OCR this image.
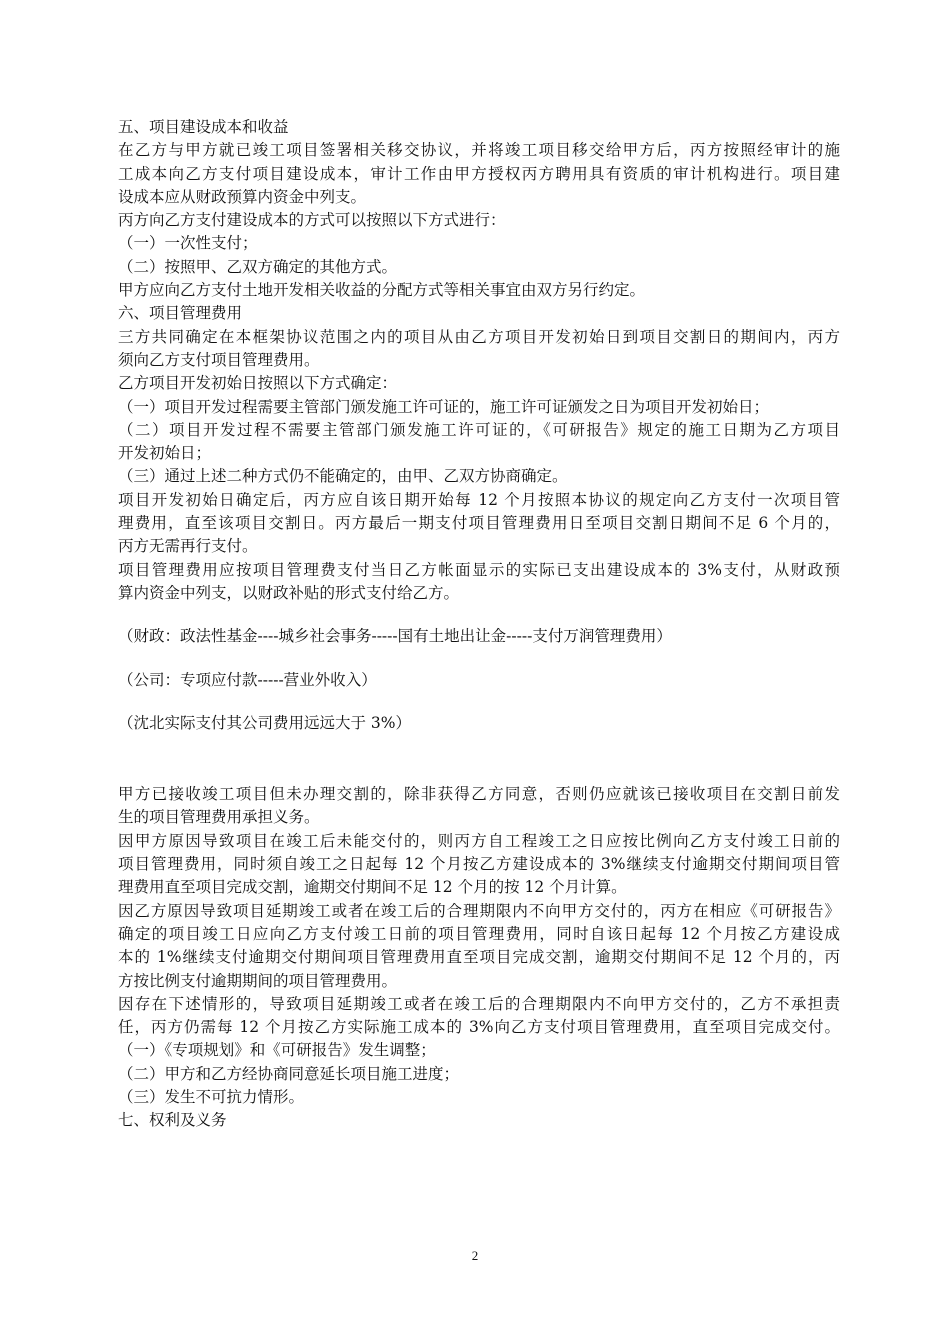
五、项目建设成本和收益
在乙方与甲方就已竣工项目签署相关移交协议，并将竣工项目移交给甲方后，丙方按照经审计的施
工成本向乙方支付项目建设成本，审计工作由甲方授权丙方聘用具有资质的审计机构进行。项目建
设成本应从财政预算内资金中列支。
丙方向乙方支付建设成本的方式可以按照以下方式进行：
（一）一次性支付；
（二）按照甲、乙双方确定的其他方式。
甲方应向乙方支付土地开发相关收益的分配方式等相关事宜由双方另行约定。
六、项目管理费用
三方共同确定在本框架协议范围之内的项目从由乙方项目开发初始日到项目交割日的期间内，丙方
须向乙方支付项目管理费用。
乙方项目开发初始日按照以下方式确定：
（一）项目开发过程需要主管部门颁发施工许可证的，施工许可证颁发之日为项目开发初始日；
（二）项目开发过程不需要主管部门颁发施工许可证的，《可研报告》规定的施工日期为乙方项目
开发初始日；
（三）通过上述二种方式仍不能确定的，由甲、乙双方协商确定。
项目开发初始日确定后，丙方应自该日期开始每 12 个月按照本协议的规定向乙方支付一次项目管
理费用，直至该项目交割日。丙方最后一期支付项目管理费用日至项目交割日期间不足 6 个月的，
丙方无需再行支付。
项目管理费用应按项目管理费支付当日乙方帐面显示的实际已支出建设成本的 3%支付，从财政预
算内资金中列支，以财政补贴的形式支付给乙方。
（财政：政法性基金----城乡社会事务-----国有土地出让金-----支付万润管理费用）
（公司：专项应付款-----营业外收入）
（沈北实际支付其公司费用远远大于 3%）
甲方已接收竣工项目但未办理交割的，除非获得乙方同意，否则仍应就该已接收项目在交割日前发
生的项目管理费用承担义务。
因甲方原因导致项目在竣工后未能交付的，则丙方自工程竣工之日应按比例向乙方支付竣工日前的
项目管理费用，同时须自竣工之日起每 12 个月按乙方建设成本的 3%继续支付逾期交付期间项目管
理费用直至项目完成交割，逾期交付期间不足 12 个月的按 12 个月计算。
因乙方原因导致项目延期竣工或者在竣工后的合理期限内不向甲方交付的，丙方在相应《可研报告》
确定的项目竣工日应向乙方支付竣工日前的项目管理费用，同时自该日起每 12 个月按乙方建设成
本的 1%继续支付逾期交付期间项目管理费用直至项目完成交割，逾期交付期间不足 12 个月的，丙
方按比例支付逾期期间的项目管理费用。
因存在下述情形的，导致项目延期竣工或者在竣工后的合理期限内不向甲方交付的，乙方不承担责
任，丙方仍需每 12 个月按乙方实际施工成本的 3%向乙方支付项目管理费用，直至项目完成交付。
（一）《专项规划》和《可研报告》发生调整；
（二）甲方和乙方经协商同意延长项目施工进度；
（三）发生不可抗力情形。
七、权利及义务
2
